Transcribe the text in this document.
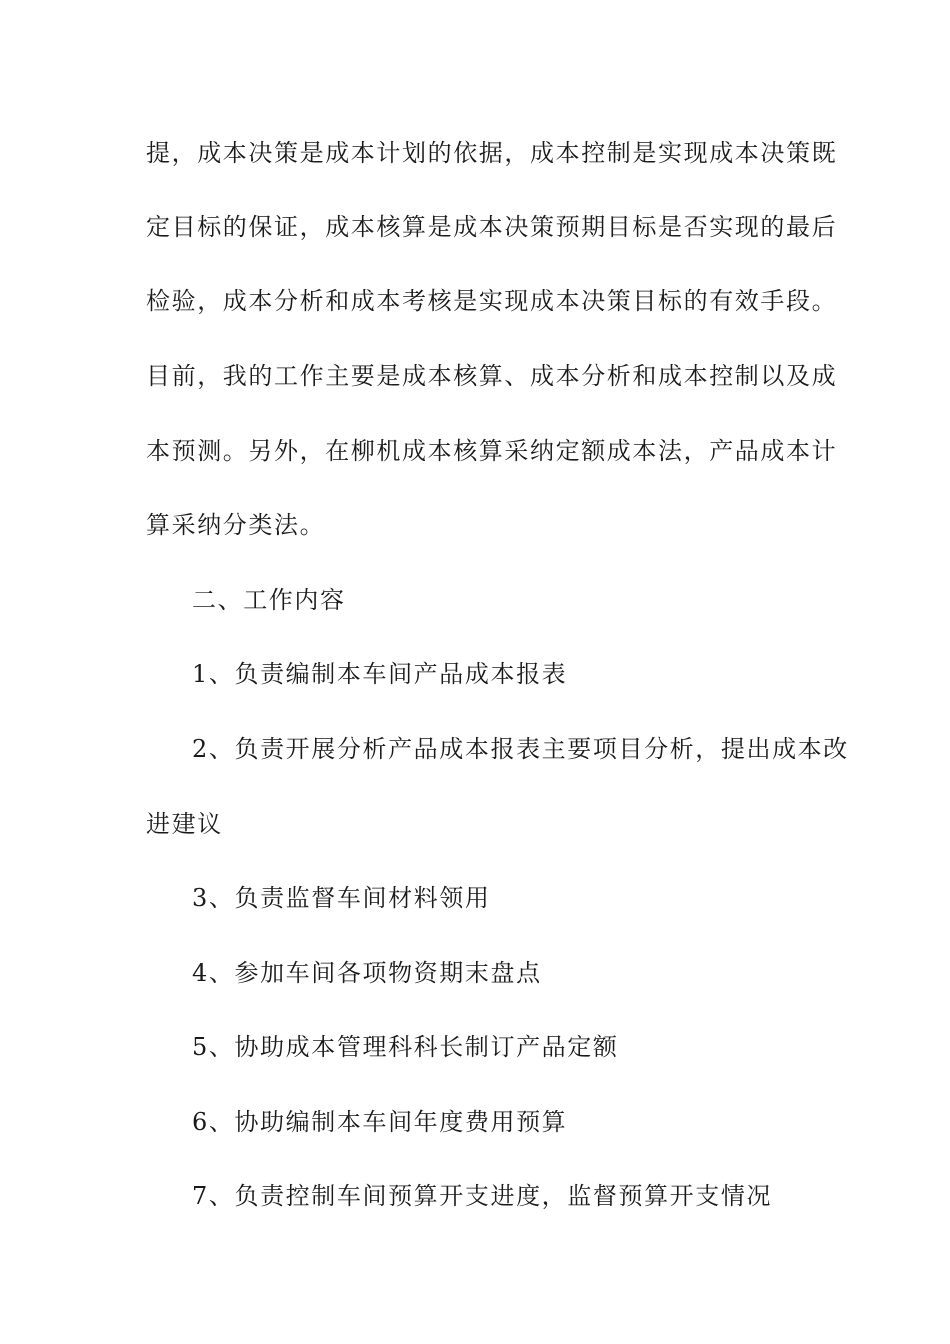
提，成本决策是成本计划的依据，成本控制是实现成本决策既
定目标的保证，成本核算是成本决策预期目标是否实现的最后
检验，成本分析和成本考核是实现成本决策目标的有效手段。
目前，我的工作主要是成本核算、成本分析和成本控制以及成
本预测。另外，在柳机成本核算采纳定额成本法，产品成本计
算采纳分类法。
二、工作内容
1、负责编制本车间产品成本报表
2、负责开展分析产品成本报表主要项目分析，提出成本改
进建议
3、负责监督车间材料领用
4、参加车间各项物资期末盘点
5、协助成本管理科科长制订产品定额
6、协助编制本车间年度费用预算
7、负责控制车间预算开支进度，监督预算开支情况
